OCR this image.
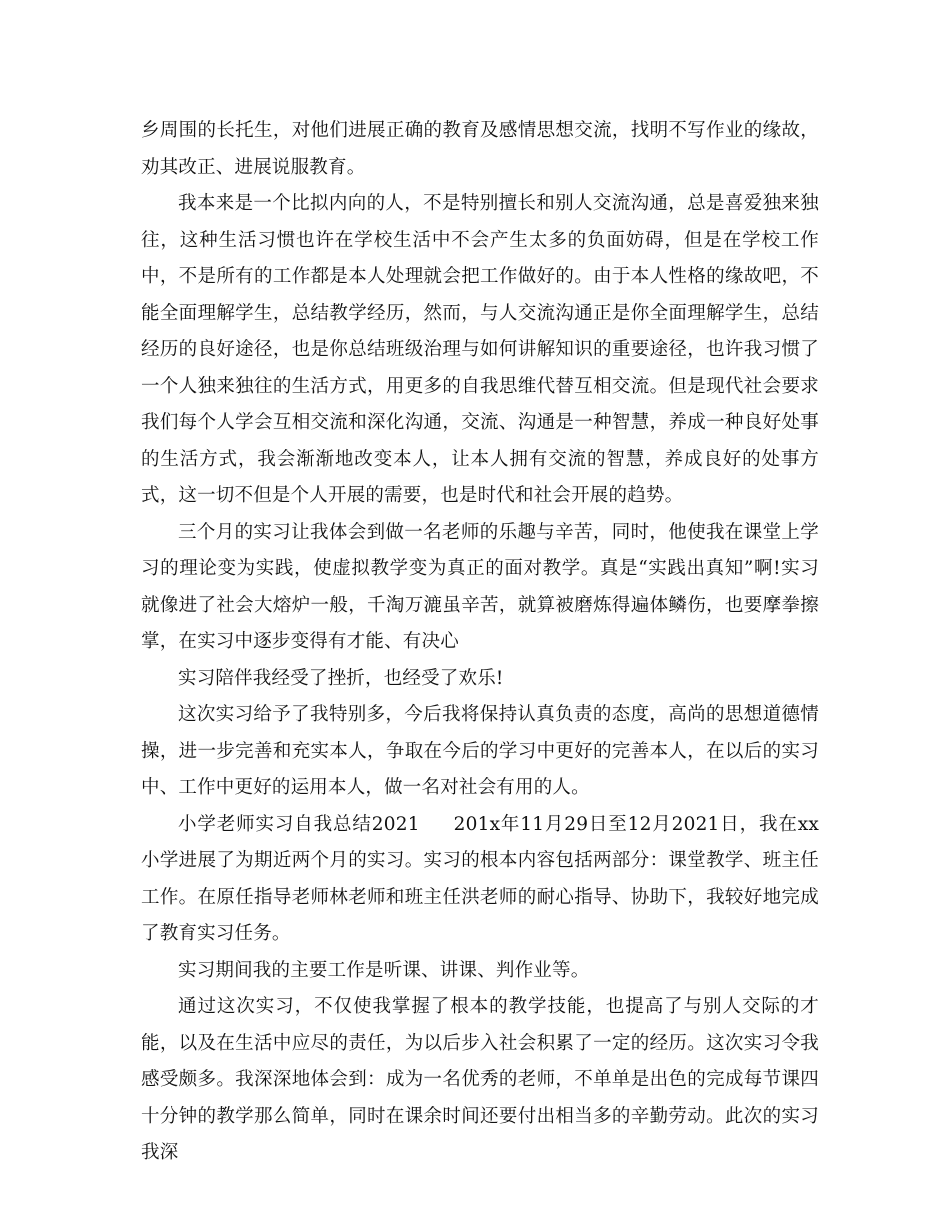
乡周围的长托生，对他们进展正确的教育及感情思想交流，找明不写作业的缘故，劝其改正、进展说服教育。

我本来是一个比拟内向的人，不是特别擅长和别人交流沟通，总是喜爱独来独往，这种生活习惯也许在学校生活中不会产生太多的负面妨碍，但是在学校工作中，不是所有的工作都是本人处理就会把工作做好的。由于本人性格的缘故吧，不能全面理解学生，总结教学经历，然而，与人交流沟通正是你全面理解学生，总结经历的良好途径，也是你总结班级治理与如何讲解知识的重要途径，也许我习惯了一个人独来独往的生活方式，用更多的自我思维代替互相交流。但是现代社会要求我们每个人学会互相交流和深化沟通，交流、沟通是一种智慧，养成一种良好处事的生活方式，我会渐渐地改变本人，让本人拥有交流的智慧，养成良好的处事方式，这一切不但是个人开展的需要，也是时代和社会开展的趋势。

三个月的实习让我体会到做一名老师的乐趣与辛苦，同时，他使我在课堂上学习的理论变为实践，使虚拟教学变为真正的面对教学。真是“实践出真知”啊!实习就像进了社会大熔炉一般，千淘万漉虽辛苦，就算被磨炼得遍体鳞伤，也要摩拳擦掌，在实习中逐步变得有才能、有决心

实习陪伴我经受了挫折，也经受了欢乐!

这次实习给予了我特别多，今后我将保持认真负责的态度，高尚的思想道德情操，进一步完善和充实本人，争取在今后的学习中更好的完善本人，在以后的实习中、工作中更好的运用本人，做一名对社会有用的人。

小学老师实习自我总结2021 201x年11月29日至12月2021日，我在xx小学进展了为期近两个月的实习。实习的根本内容包括两部分：课堂教学、班主任工作。在原任指导老师林老师和班主任洪老师的耐心指导、协助下，我较好地完成了教育实习任务。

实习期间我的主要工作是听课、讲课、判作业等。

通过这次实习，不仅使我掌握了根本的教学技能，也提高了与别人交际的才能，以及在生活中应尽的责任，为以后步入社会积累了一定的经历。这次实习令我感受颇多。我深深地体会到：成为一名优秀的老师，不单单是出色的完成每节课四十分钟的教学那么简单，同时在课余时间还要付出相当多的辛勤劳动。此次的实习我深
